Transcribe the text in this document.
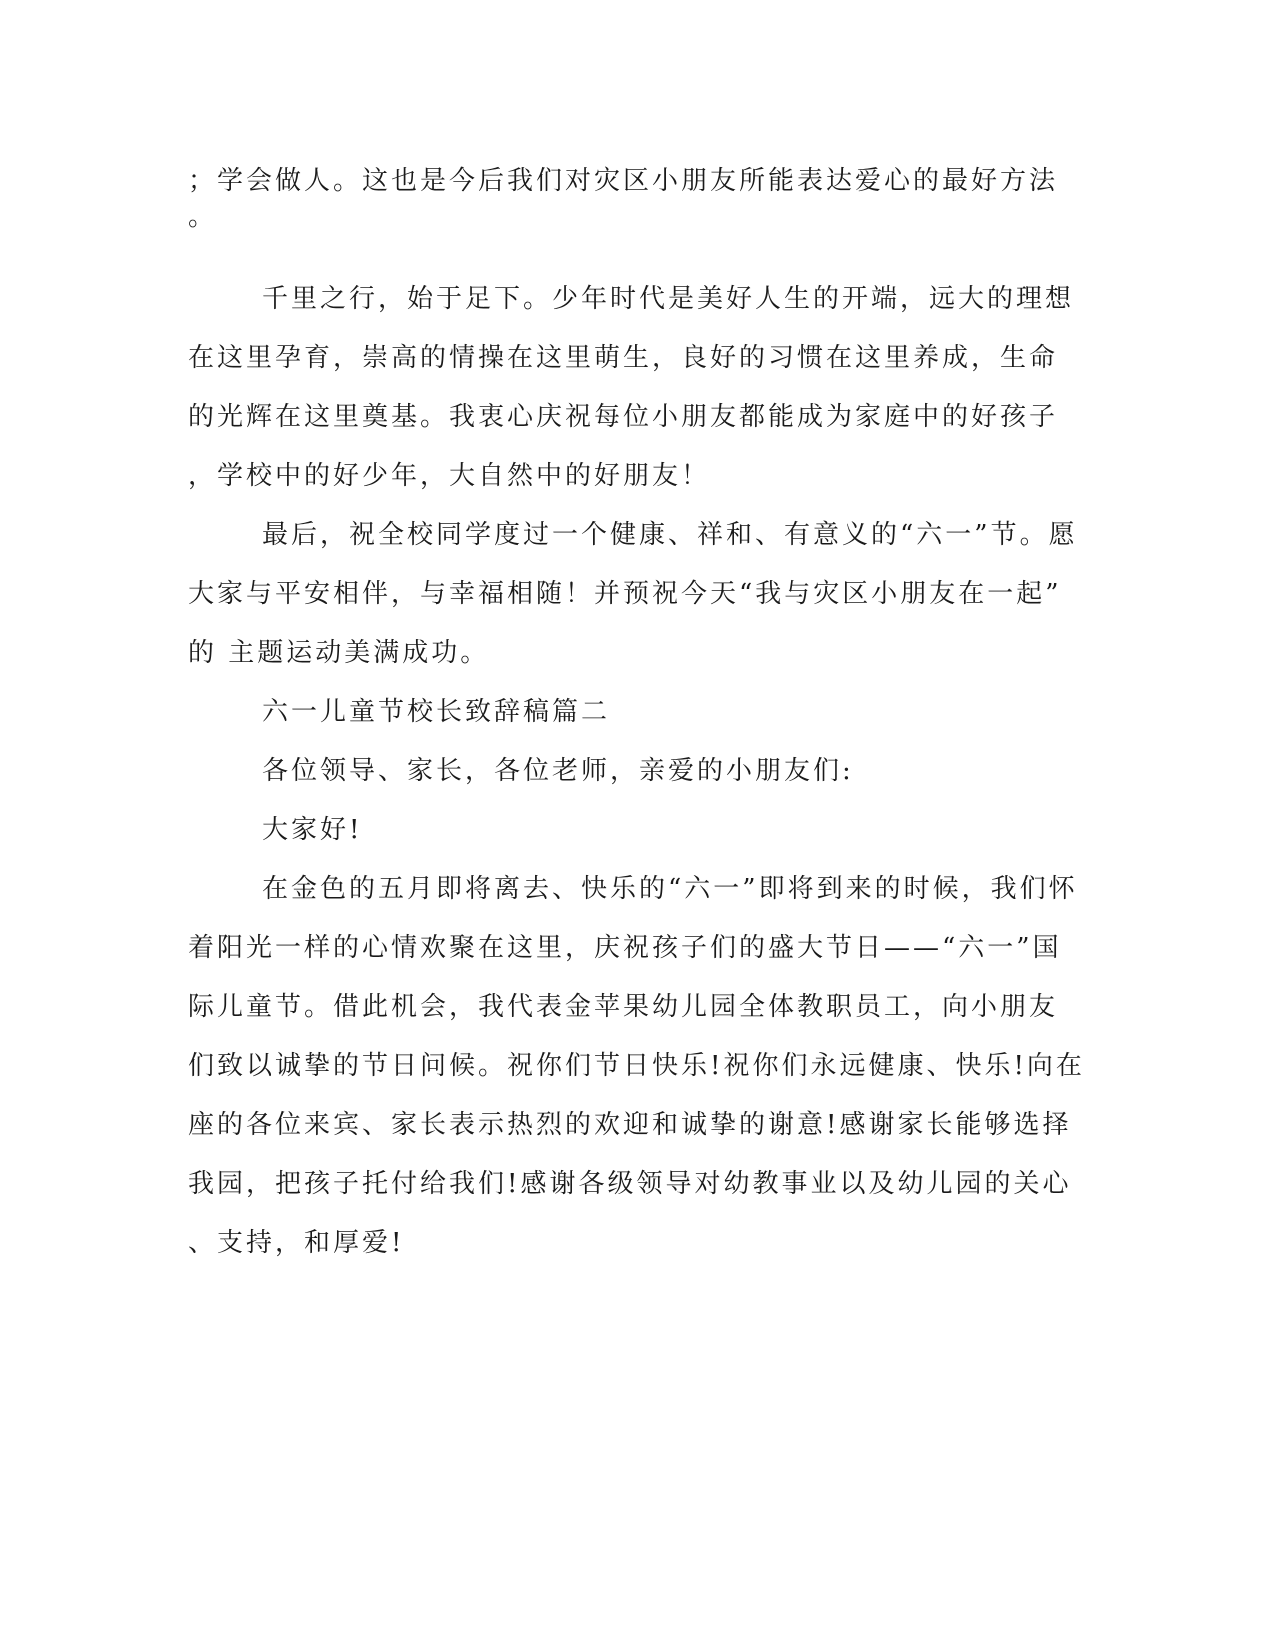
；学会做人。这也是今后我们对灾区小朋友所能表达爱心的最好方法
。
千里之行，始于足下。少年时代是美好人生的开端，远大的理想
在这里孕育，崇高的情操在这里萌生，良好的习惯在这里养成，生命
的光辉在这里奠基。我衷心庆祝每位小朋友都能成为家庭中的好孩子
，学校中的好少年，大自然中的好朋友！
最后，祝全校同学度过一个健康、祥和、有意义的“六一”节。愿
大家与平安相伴，与幸福相随！并预祝今天“我与灾区小朋友在一起”
的 主题运动美满成功。
六一儿童节校长致辞稿篇二
各位领导、家长，各位老师，亲爱的小朋友们:
大家好!
在金色的五月即将离去、快乐的“六一”即将到来的时候，我们怀
着阳光一样的心情欢聚在这里，庆祝孩子们的盛大节日——“六一”国
际儿童节。借此机会，我代表金苹果幼儿园全体教职员工，向小朋友
们致以诚挚的节日问候。祝你们节日快乐!祝你们永远健康、快乐!向在
座的各位来宾、家长表示热烈的欢迎和诚挚的谢意!感谢家长能够选择
我园，把孩子托付给我们!感谢各级领导对幼教事业以及幼儿园的关心
、支持，和厚爱!
